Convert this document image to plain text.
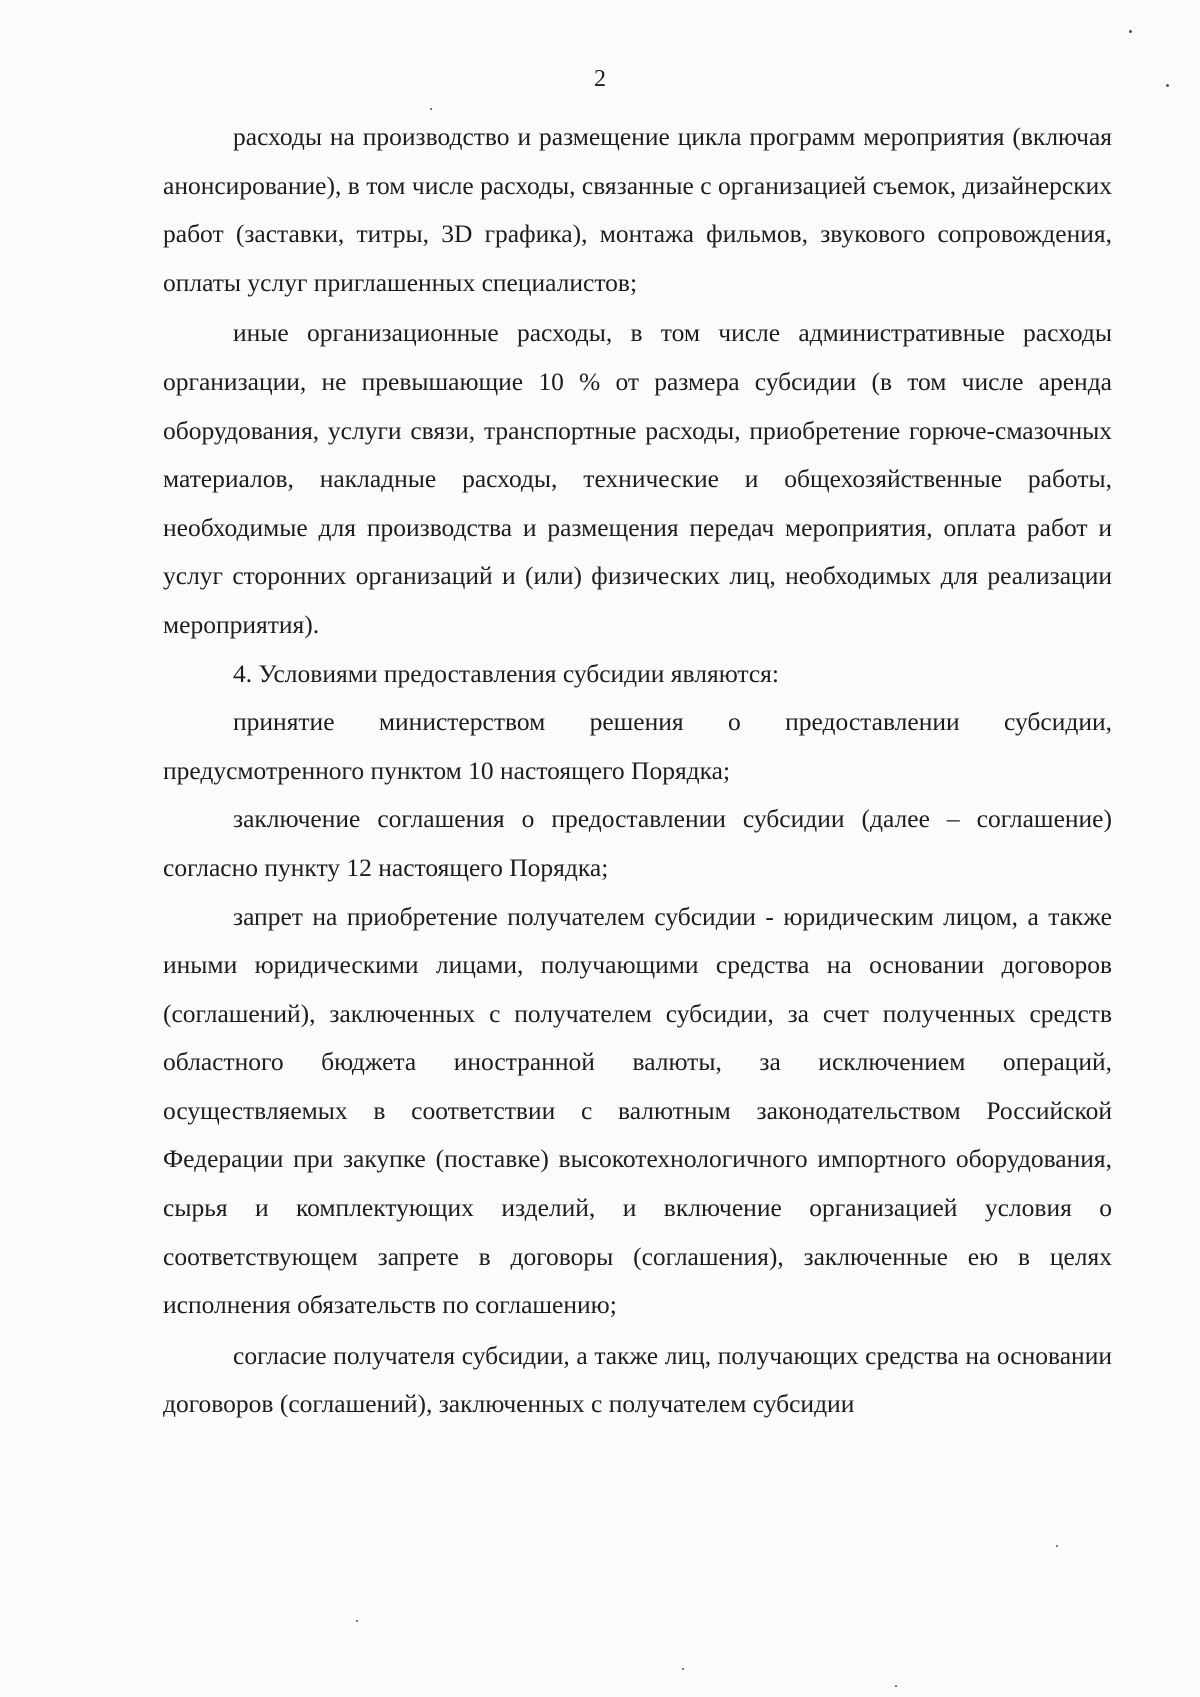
2

расходы на производство и размещение цикла программ мероприятия (включая анонсирование), в том числе расходы, связанные с организацией съемок, дизайнерских работ (заставки, титры, 3D графика), монтажа фильмов, звукового сопровождения, оплаты услуг приглашенных специалистов;

иные организационные расходы, в том числе административные расходы организации, не превышающие 10 % от размера субсидии (в том числе аренда оборудования, услуги связи, транспортные расходы, приобретение горюче-смазочных материалов, накладные расходы, технические и общехозяйственные работы, необходимые для производства и размещения передач мероприятия, оплата работ и услуг сторонних организаций и (или) физических лиц, необходимых для реализации мероприятия).

4. Условиями предоставления субсидии являются:

принятие министерством решения о предоставлении субсидии, предусмотренного пунктом 10 настоящего Порядка;

заключение соглашения о предоставлении субсидии (далее – соглашение) согласно пункту 12 настоящего Порядка;

запрет на приобретение получателем субсидии - юридическим лицом, а также иными юридическими лицами, получающими средства на основании договоров (соглашений), заключенных с получателем субсидии, за счет полученных средств областного бюджета иностранной валюты, за исключением операций, осуществляемых в соответствии с валютным законодательством Российской Федерации при закупке (поставке) высокотехнологичного импортного оборудования, сырья и комплектующих изделий, и включение организацией условия о соответствующем запрете в договоры (соглашения), заключенные ею в целях исполнения обязательств по соглашению;

согласие получателя субсидии, а также лиц, получающих средства на основании договоров (соглашений), заключенных с получателем субсидии
